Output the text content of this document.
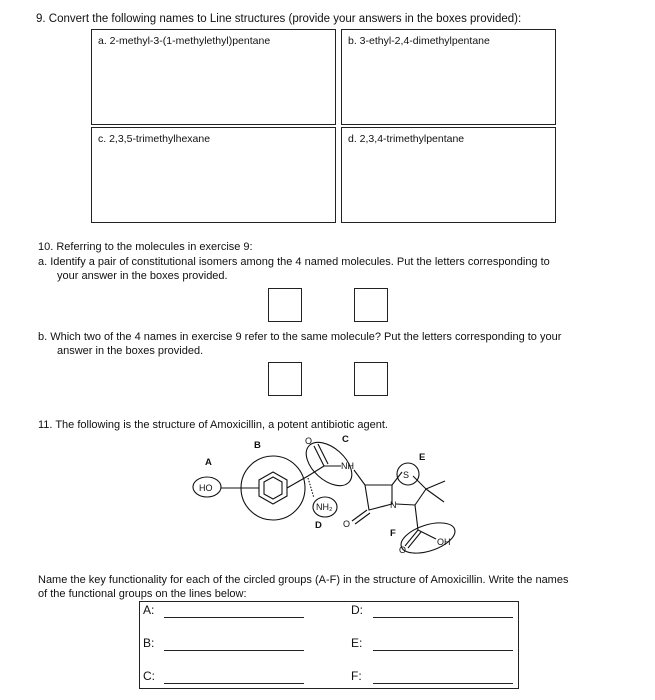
9. Convert the following names to Line structures (provide your answers in the boxes provided):
a. 2-methyl-3-(1-methylethyl)pentane	b. 3-ethyl-2,4-dimethylpentane
c. 2,3,5-trimethylhexane	d. 2,3,4-trimethylpentane
10. Referring to the molecules in exercise 9:
a. Identify a pair of constitutional isomers among the 4 named molecules. Put the letters corresponding to
your answer in the boxes provided.
b. Which two of the 4 names in exercise 9 refer to the same molecule? Put the letters corresponding to your
answer in the boxes provided.
11. The following is the structure of Amoxicillin, a potent antibiotic agent.
HO
NH
NH₂
S
N
O
O
O
OH
A
B
C
D
E
F
Name the key functionality for each of the circled groups (A-F) in the structure of Amoxicillin. Write the names
of the functional groups on the lines below:
A:	D:
B:	E:
C:	F:
